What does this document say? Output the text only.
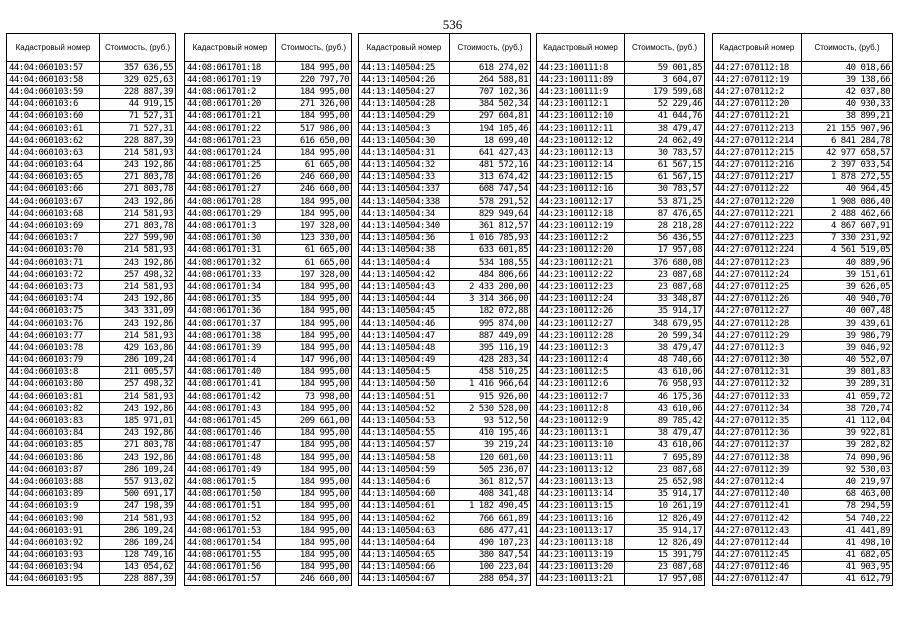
536
Кадастровый номер	Стоимость, (руб.)
44:04:060103:57	357 636,55
44:04:060103:58	329 025,63
44:04:060103:59	228 887,39
44:04:060103:6	44 919,15
44:04:060103:60	71 527,31
44:04:060103:61	71 527,31
44:04:060103:62	228 887,39
44:04:060103:63	214 581,93
44:04:060103:64	243 192,86
44:04:060103:65	271 803,78
44:04:060103:66	271 803,78
44:04:060103:67	243 192,86
44:04:060103:68	214 581,93
44:04:060103:69	271 803,78
44:04:060103:7	227 599,90
44:04:060103:70	214 581,93
44:04:060103:71	243 192,86
44:04:060103:72	257 498,32
44:04:060103:73	214 581,93
44:04:060103:74	243 192,86
44:04:060103:75	343 331,09
44:04:060103:76	243 192,86
44:04:060103:77	214 581,93
44:04:060103:78	429 163,86
44:04:060103:79	286 109,24
44:04:060103:8	211 005,57
44:04:060103:80	257 498,32
44:04:060103:81	214 581,93
44:04:060103:82	243 192,86
44:04:060103:83	185 971,01
44:04:060103:84	243 192,86
44:04:060103:85	271 803,78
44:04:060103:86	243 192,86
44:04:060103:87	286 109,24
44:04:060103:88	557 913,02
44:04:060103:89	500 691,17
44:04:060103:9	247 198,39
44:04:060103:90	214 581,93
44:04:060103:91	286 109,24
44:04:060103:92	286 109,24
44:04:060103:93	128 749,16
44:04:060103:94	143 054,62
44:04:060103:95	228 887,39
Кадастровый номер	Стоимость, (руб.)
44:08:061701:18	184 995,00
44:08:061701:19	220 797,70
44:08:061701:2	184 995,00
44:08:061701:20	271 326,00
44:08:061701:21	184 995,00
44:08:061701:22	517 986,00
44:08:061701:23	616 650,00
44:08:061701:24	184 995,00
44:08:061701:25	61 665,00
44:08:061701:26	246 660,00
44:08:061701:27	246 660,00
44:08:061701:28	184 995,00
44:08:061701:29	184 995,00
44:08:061701:3	197 328,00
44:08:061701:30	123 330,00
44:08:061701:31	61 665,00
44:08:061701:32	61 665,00
44:08:061701:33	197 328,00
44:08:061701:34	184 995,00
44:08:061701:35	184 995,00
44:08:061701:36	184 995,00
44:08:061701:37	184 995,00
44:08:061701:38	184 995,00
44:08:061701:39	184 995,00
44:08:061701:4	147 996,00
44:08:061701:40	184 995,00
44:08:061701:41	184 995,00
44:08:061701:42	73 998,00
44:08:061701:43	184 995,00
44:08:061701:45	209 661,00
44:08:061701:46	184 995,00
44:08:061701:47	184 995,00
44:08:061701:48	184 995,00
44:08:061701:49	184 995,00
44:08:061701:5	184 995,00
44:08:061701:50	184 995,00
44:08:061701:51	184 995,00
44:08:061701:52	184 995,00
44:08:061701:53	184 995,00
44:08:061701:54	184 995,00
44:08:061701:55	184 995,00
44:08:061701:56	184 995,00
44:08:061701:57	246 660,00
Кадастровый номер	Стоимость, (руб.)
44:13:140504:25	618 274,02
44:13:140504:26	264 588,81
44:13:140504:27	707 102,36
44:13:140504:28	384 502,34
44:13:140504:29	297 604,81
44:13:140504:3	194 105,46
44:13:140504:30	18 699,40
44:13:140504:31	641 427,43
44:13:140504:32	481 572,16
44:13:140504:33	313 674,42
44:13:140504:337	608 747,54
44:13:140504:338	578 291,52
44:13:140504:34	829 949,64
44:13:140504:340	361 812,57
44:13:140504:36	1 016 785,93
44:13:140504:38	633 601,85
44:13:140504:4	534 108,55
44:13:140504:42	484 806,66
44:13:140504:43	2 433 200,00
44:13:140504:44	3 314 366,00
44:13:140504:45	182 072,88
44:13:140504:46	995 874,00
44:13:140504:47	887 449,09
44:13:140504:48	395 116,19
44:13:140504:49	428 283,34
44:13:140504:5	458 510,25
44:13:140504:50	1 416 966,64
44:13:140504:51	915 926,00
44:13:140504:52	2 530 528,00
44:13:140504:53	93 512,50
44:13:140504:55	410 195,46
44:13:140504:57	39 219,24
44:13:140504:58	120 601,60
44:13:140504:59	505 236,07
44:13:140504:6	361 812,57
44:13:140504:60	408 341,48
44:13:140504:61	1 182 490,45
44:13:140504:62	766 661,89
44:13:140504:63	686 477,41
44:13:140504:64	490 107,23
44:13:140504:65	380 847,54
44:13:140504:66	100 223,04
44:13:140504:67	288 054,37
Кадастровый номер	Стоимость, (руб.)
44:23:100111:8	59 001,85
44:23:100111:89	3 604,07
44:23:100111:9	179 599,68
44:23:100112:1	52 229,46
44:23:100112:10	41 044,76
44:23:100112:11	38 479,47
44:23:100112:12	24 062,49
44:23:100112:13	30 783,57
44:23:100112:14	61 567,15
44:23:100112:15	61 567,15
44:23:100112:16	30 783,57
44:23:100112:17	53 871,25
44:23:100112:18	87 476,65
44:23:100112:19	28 218,28
44:23:100112:2	56 436,55
44:23:100112:20	17 957,08
44:23:100112:21	376 680,08
44:23:100112:22	23 087,68
44:23:100112:23	23 087,68
44:23:100112:24	33 348,87
44:23:100112:26	35 914,17
44:23:100112:27	348 679,95
44:23:100112:28	20 599,34
44:23:100112:3	38 479,47
44:23:100112:4	48 740,66
44:23:100112:5	43 610,06
44:23:100112:6	76 958,93
44:23:100112:7	46 175,36
44:23:100112:8	43 610,06
44:23:100112:9	89 785,42
44:23:100113:1	38 479,47
44:23:100113:10	43 610,06
44:23:100113:11	7 695,89
44:23:100113:12	23 087,68
44:23:100113:13	25 652,98
44:23:100113:14	35 914,17
44:23:100113:15	10 261,19
44:23:100113:16	12 826,49
44:23:100113:17	35 914,17
44:23:100113:18	12 826,49
44:23:100113:19	15 391,79
44:23:100113:20	23 087,68
44:23:100113:21	17 957,08
Кадастровый номер	Стоимость, (руб.)
44:27:070112:18	40 018,66
44:27:070112:19	39 138,66
44:27:070112:2	42 037,80
44:27:070112:20	40 930,33
44:27:070112:21	38 899,21
44:27:070112:213	21 155 907,96
44:27:070112:214	6 841 284,78
44:27:070112:215	42 977 658,57
44:27:070112:216	2 397 033,54
44:27:070112:217	1 878 272,55
44:27:070112:22	40 964,45
44:27:070112:220	1 908 086,40
44:27:070112:221	2 488 462,66
44:27:070112:222	4 867 607,91
44:27:070112:223	7 330 231,92
44:27:070112:224	4 561 519,05
44:27:070112:23	40 889,96
44:27:070112:24	39 151,61
44:27:070112:25	39 626,05
44:27:070112:26	40 940,70
44:27:070112:27	40 007,48
44:27:070112:28	39 439,61
44:27:070112:29	39 986,79
44:27:070112:3	39 046,92
44:27:070112:30	40 552,07
44:27:070112:31	39 801,83
44:27:070112:32	39 289,31
44:27:070112:33	41 059,72
44:27:070112:34	38 720,74
44:27:070112:35	41 112,04
44:27:070112:36	39 922,81
44:27:070112:37	39 282,82
44:27:070112:38	74 090,96
44:27:070112:39	92 530,03
44:27:070112:4	40 219,97
44:27:070112:40	68 463,00
44:27:070112:41	78 294,59
44:27:070112:42	54 740,22
44:27:070112:43	41 441,89
44:27:070112:44	41 498,10
44:27:070112:45	41 682,05
44:27:070112:46	41 903,95
44:27:070112:47	41 612,79
